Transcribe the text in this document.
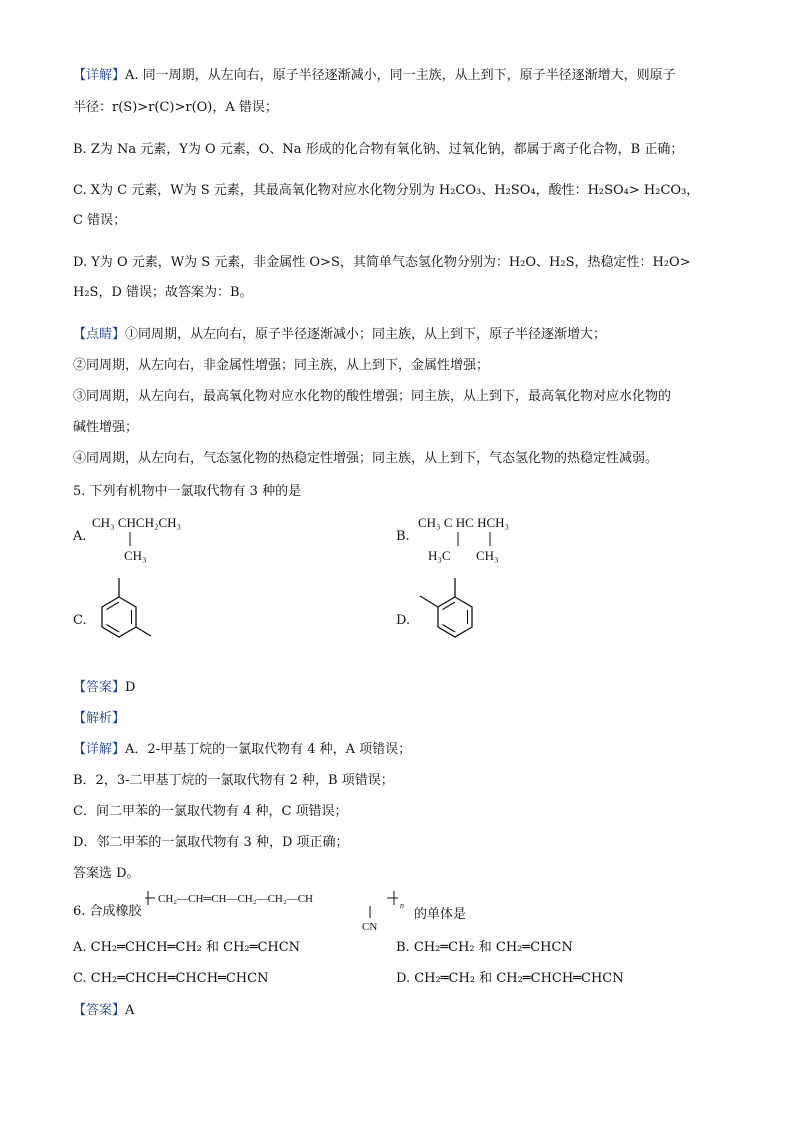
【详解】A. 同一周期，从左向右，原子半径逐渐减小，同一主族，从上到下，原子半径逐渐增大，则原子
半径：r(S)>r(C)>r(O)，A 错误；
B. Z为 Na 元素，Y为 O 元素，O、Na 形成的化合物有氧化钠、过氧化钠，都属于离子化合物，B 正确；
C. X为 C 元素，W为 S 元素，其最高氧化物对应水化物分别为 H₂CO₃、H₂SO₄，酸性：H₂SO₄> H₂CO₃，
C 错误；
D. Y为 O 元素，W为 S 元素，非金属性 O>S，其简单气态氢化物分别为：H₂O、H₂S，热稳定性：H₂O>
H₂S，D 错误；故答案为：B。
【点睛】①同周期，从左向右，原子半径逐渐减小；同主族，从上到下，原子半径逐渐增大；
②同周期，从左向右，非金属性增强；同主族，从上到下，金属性增强；
③同周期，从左向右，最高氧化物对应水化物的酸性增强；同主族，从上到下，最高氧化物对应水化物的
碱性增强；
④同周期，从左向右，气态氢化物的热稳定性增强；同主族，从上到下，气态氢化物的热稳定性减弱。
5. 下列有机物中一氯取代物有 3 种的是
A.
CH₃ CHCH₂CH₃
CH₃
B.
CH₃ C HC HCH₃
H₃C CH₃
C.	D.
【答案】D
【解析】
【详解】A．2-甲基丁烷的一氯取代物有 4 种，A 项错误；
B．2，3-二甲基丁烷的一氯取代物有 2 种，B 项错误；
C．间二甲苯的一氯取代物有 4 种，C 项错误；
D．邻二甲苯的一氯取代物有 3 种，D 项正确；
答案选 D。
6. 合成橡胶
CH₂—CH═CH—CH₂—CH₂—CH
n
CN
的单体是
A. CH₂═CHCH═CH₂ 和 CH₂═CHCN	B. CH₂═CH₂ 和 CH₂═CHCN
C. CH₂═CHCH═CHCH═CHCN	D. CH₂═CH₂ 和 CH₂═CHCH═CHCN
【答案】A
